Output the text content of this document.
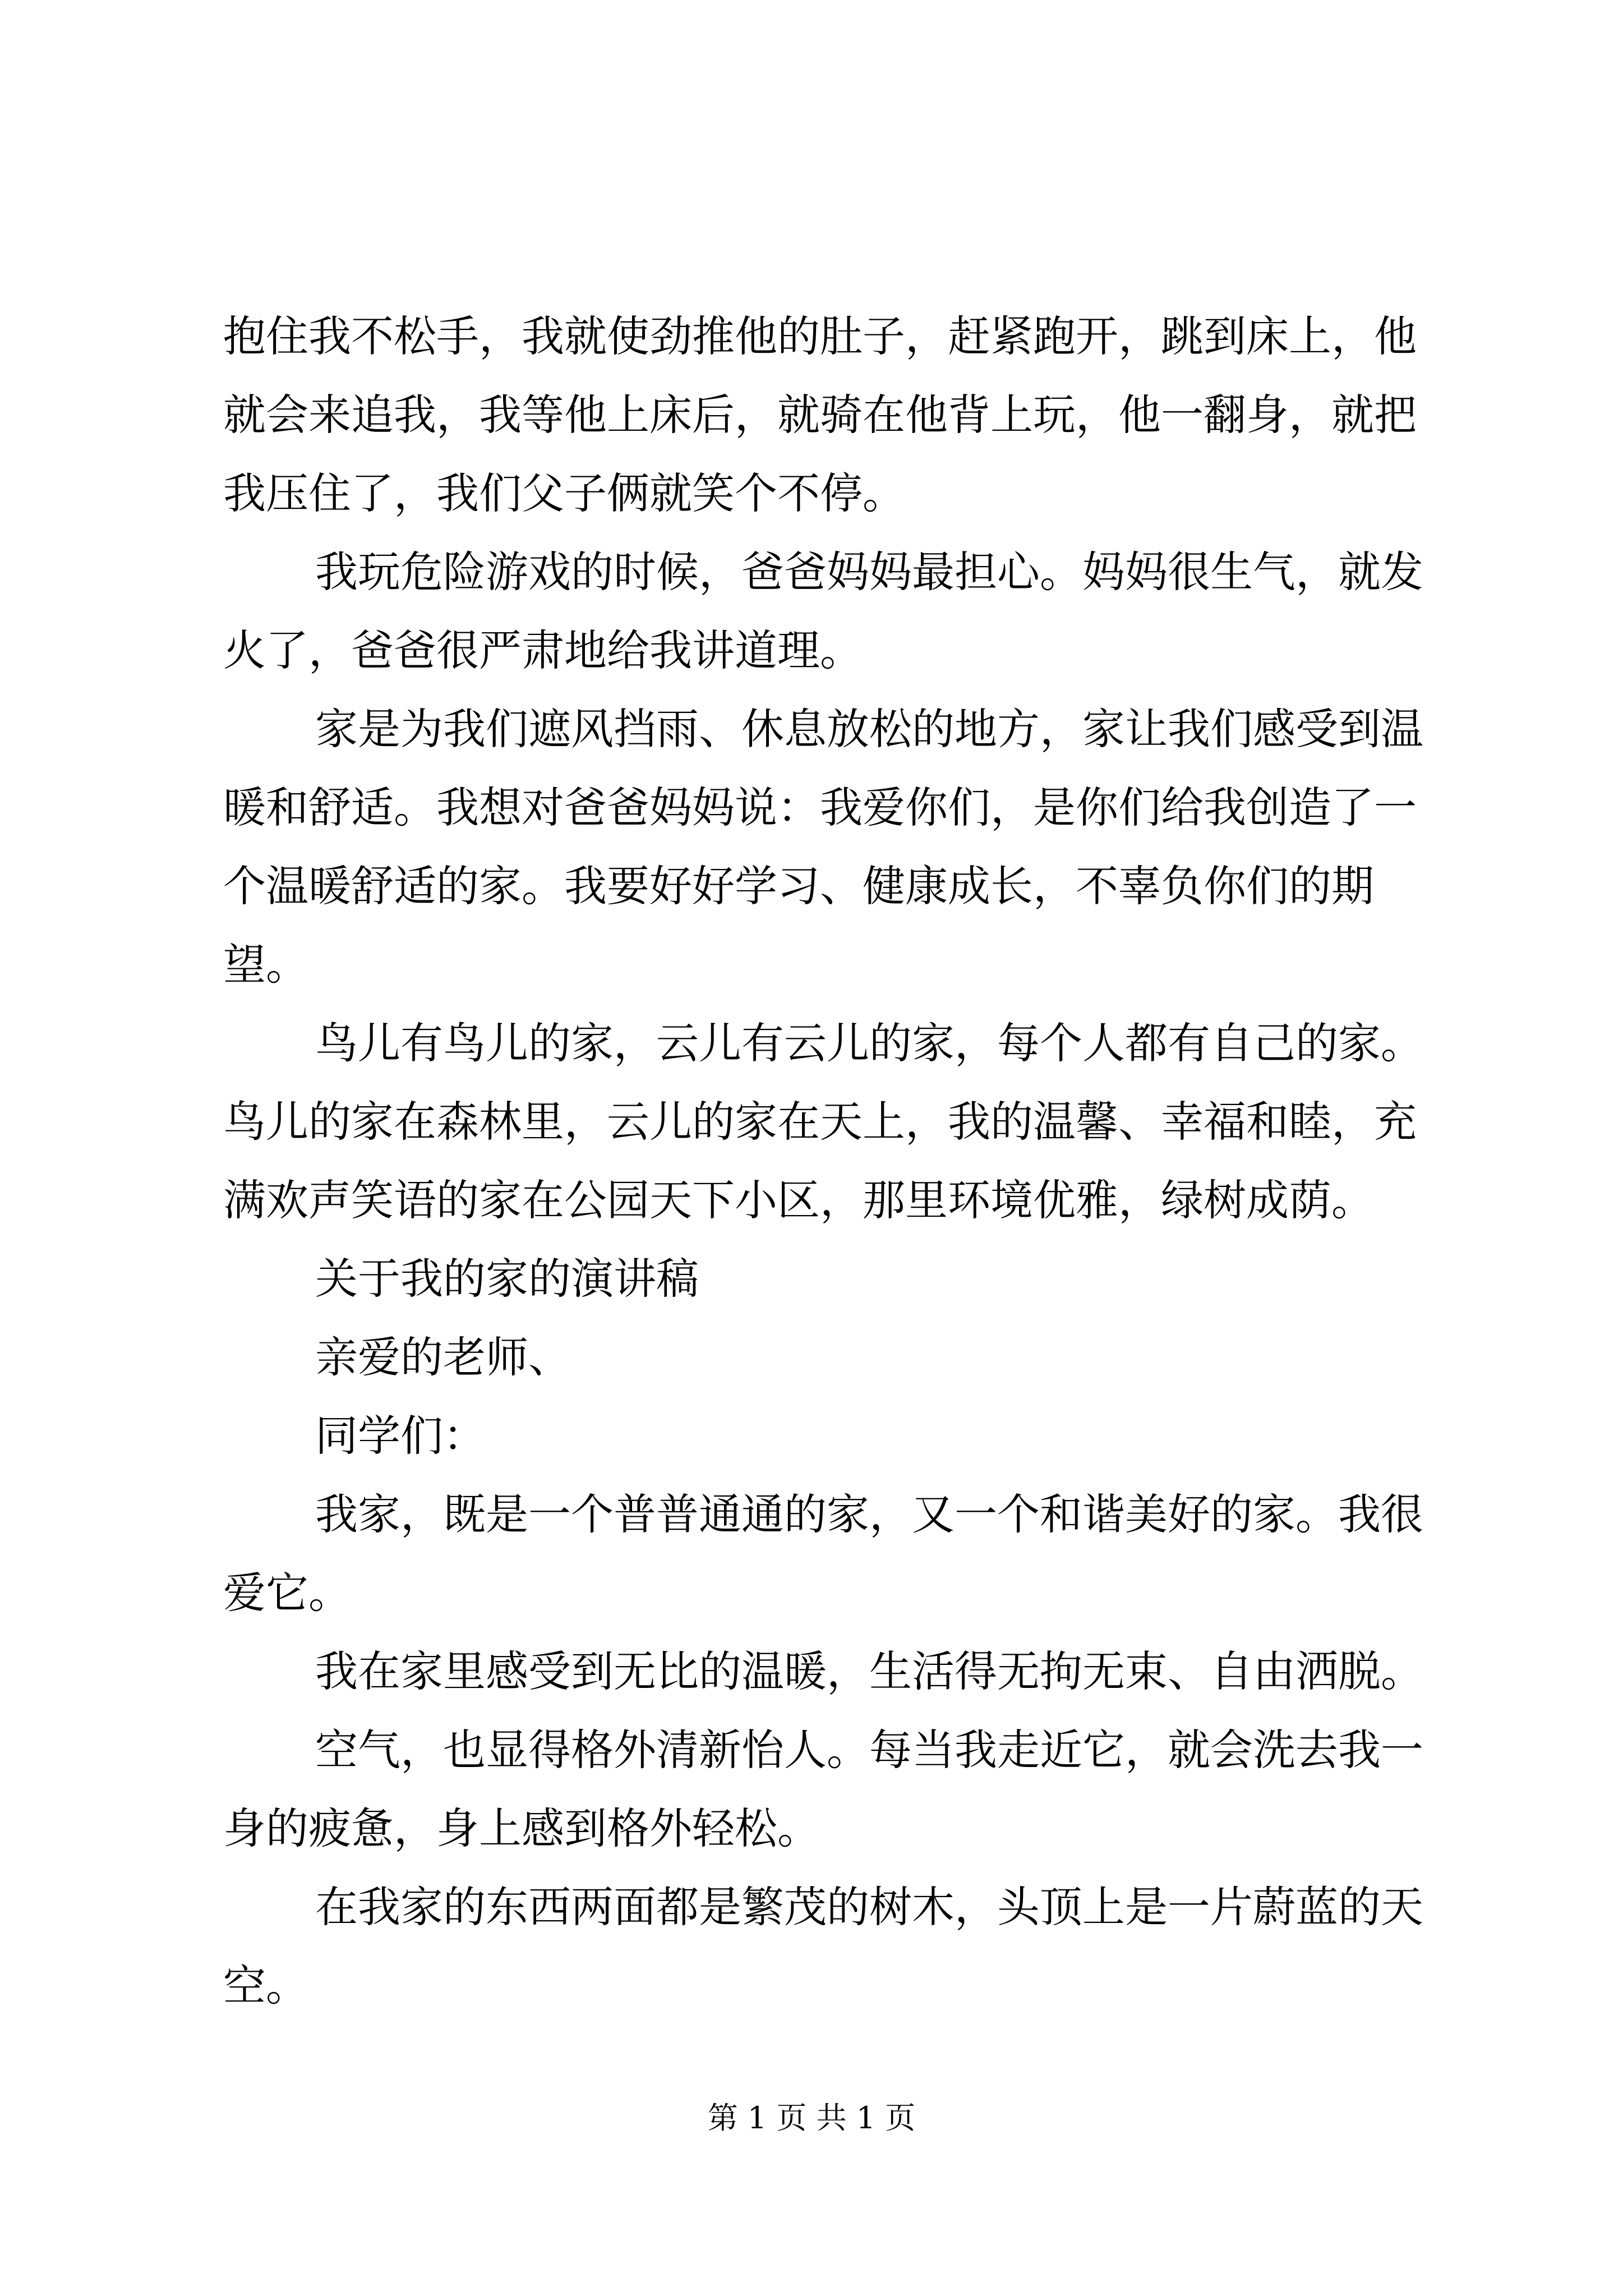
抱住我不松手，我就使劲推他的肚子，赶紧跑开，跳到床上，他就会来追我，我等他上床后，就骑在他背上玩，他一翻身，就把我压住了，我们父子俩就笑个不停。

我玩危险游戏的时候，爸爸妈妈最担心。妈妈很生气，就发火了，爸爸很严肃地给我讲道理。

家是为我们遮风挡雨、休息放松的地方，家让我们感受到温暖和舒适。我想对爸爸妈妈说：我爱你们，是你们给我创造了一个温暖舒适的家。我要好好学习、健康成长，不辜负你们的期望。

鸟儿有鸟儿的家，云儿有云儿的家，每个人都有自己的家。鸟儿的家在森林里，云儿的家在天上，我的温馨、幸福和睦，充满欢声笑语的家在公园天下小区，那里环境优雅，绿树成荫。

关于我的家的演讲稿

亲爱的老师、

同学们：

我家，既是一个普普通通的家，又一个和谐美好的家。我很爱它。

我在家里感受到无比的温暖，生活得无拘无束、自由洒脱。

空气，也显得格外清新怡人。每当我走近它，就会洗去我一身的疲惫，身上感到格外轻松。

在我家的东西两面都是繁茂的树木，头顶上是一片蔚蓝的天空。

第 1 页 共 1 页
